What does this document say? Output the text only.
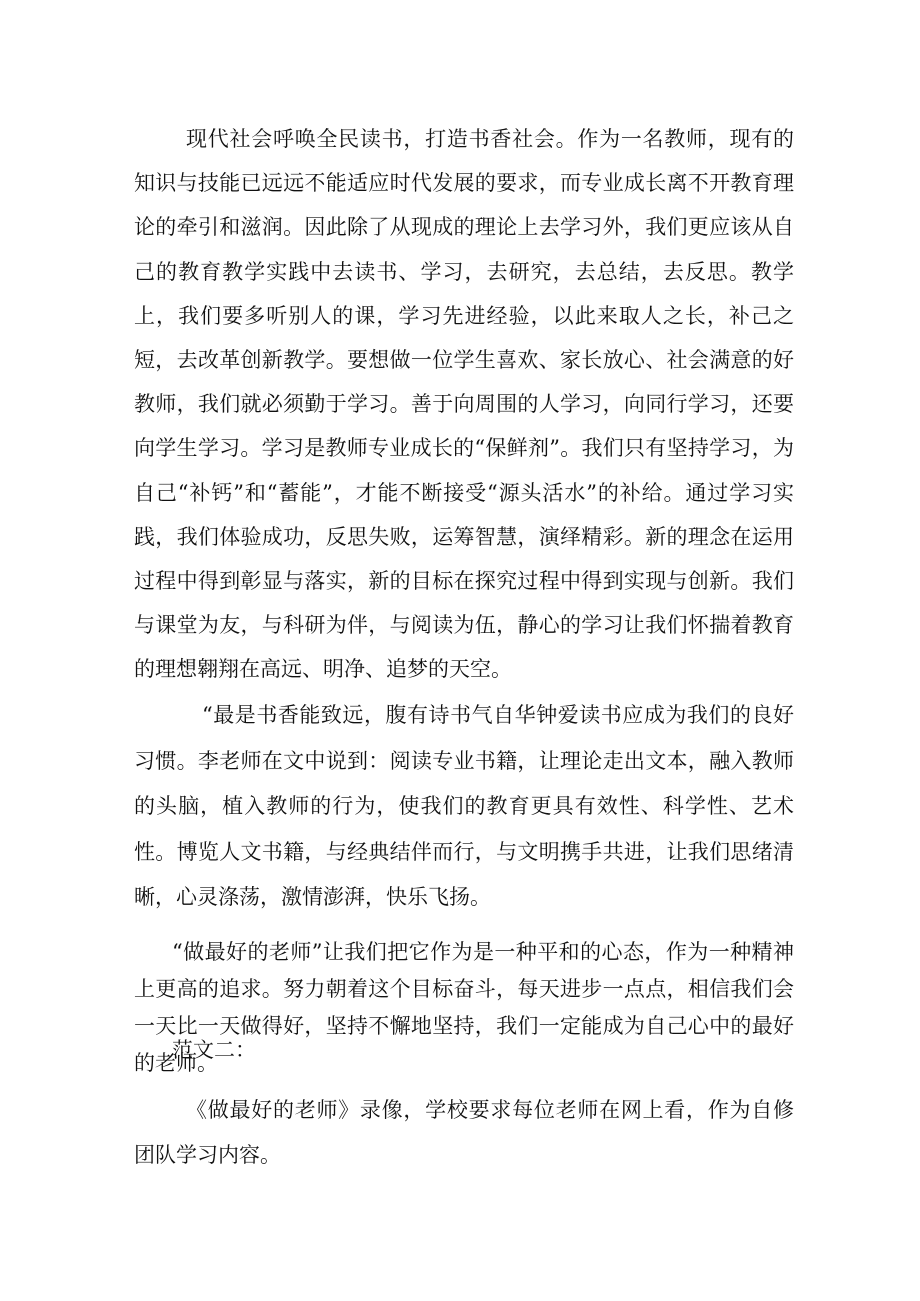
现代社会呼唤全民读书，打造书香社会。作为一名教师，现有的知识与技能已远远不能适应时代发展的要求，而专业成长离不开教育理论的牵引和滋润。因此除了从现成的理论上去学习外，我们更应该从自己的教育教学实践中去读书、学习，去研究，去总结，去反思。教学上，我们要多听别人的课，学习先进经验，以此来取人之长，补己之短，去改革创新教学。要想做一位学生喜欢、家长放心、社会满意的好教师，我们就必须勤于学习。善于向周围的人学习，向同行学习，还要向学生学习。学习是教师专业成长的“保鲜剂”。我们只有坚持学习，为自己“补钙”和“蓄能”，才能不断接受“源头活水”的补给。通过学习实践，我们体验成功，反思失败，运筹智慧，演绎精彩。新的理念在运用过程中得到彰显与落实，新的目标在探究过程中得到实现与创新。我们与课堂为友，与科研为伴，与阅读为伍，静心的学习让我们怀揣着教育的理想翱翔在高远、明净、追梦的天空。

“最是书香能致远，腹有诗书气自华钟爱读书应成为我们的良好习惯。李老师在文中说到：阅读专业书籍，让理论走出文本，融入教师的头脑，植入教师的行为，使我们的教育更具有效性、科学性、艺术性。博览人文书籍，与经典结伴而行，与文明携手共进，让我们思绪清晰，心灵涤荡，激情澎湃，快乐飞扬。

“做最好的老师”让我们把它作为是一种平和的心态，作为一种精神上更高的追求。努力朝着这个目标奋斗，每天进步一点点，相信我们会一天比一天做得好，坚持不懈地坚持，我们一定能成为自己心中的最好的老师。

范文二：

《做最好的老师》录像，学校要求每位老师在网上看，作为自修团队学习内容。
